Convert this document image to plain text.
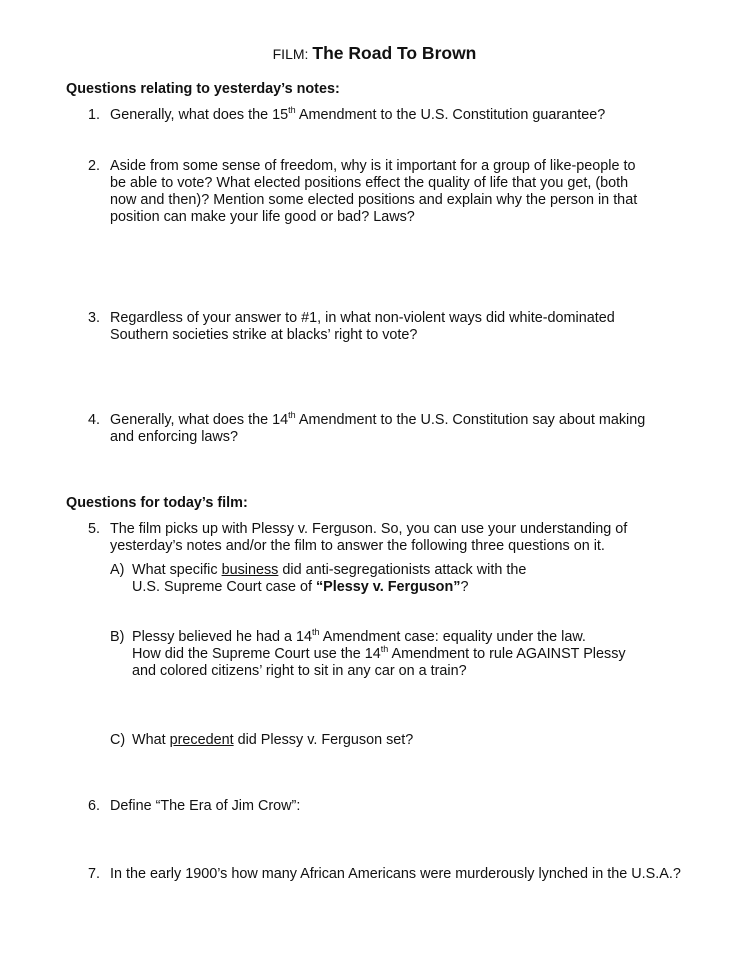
FILM: The Road To Brown
Questions relating to yesterday’s notes:
1. Generally, what does the 15th Amendment to the U.S. Constitution guarantee?
2. Aside from some sense of freedom, why is it important for a group of like-people to
be able to vote? What elected positions effect the quality of life that you get, (both
now and then)? Mention some elected positions and explain why the person in that
position can make your life good or bad? Laws?
3. Regardless of your answer to #1, in what non-violent ways did white-dominated
Southern societies strike at blacks’ right to vote?
4. Generally, what does the 14th Amendment to the U.S. Constitution say about making
and enforcing laws?
Questions for today’s film:
5. The film picks up with Plessy v. Ferguson. So, you can use your understanding of
yesterday’s notes and/or the film to answer the following three questions on it.
A) What specific business did anti-segregationists attack with the
U.S. Supreme Court case of “Plessy v. Ferguson”?
B) Plessy believed he had a 14th Amendment case: equality under the law.
How did the Supreme Court use the 14th Amendment to rule AGAINST Plessy
and colored citizens’ right to sit in any car on a train?
C) What precedent did Plessy v. Ferguson set?
6. Define “The Era of Jim Crow”:
7. In the early 1900’s how many African Americans were murderously lynched in the U.S.A.?
